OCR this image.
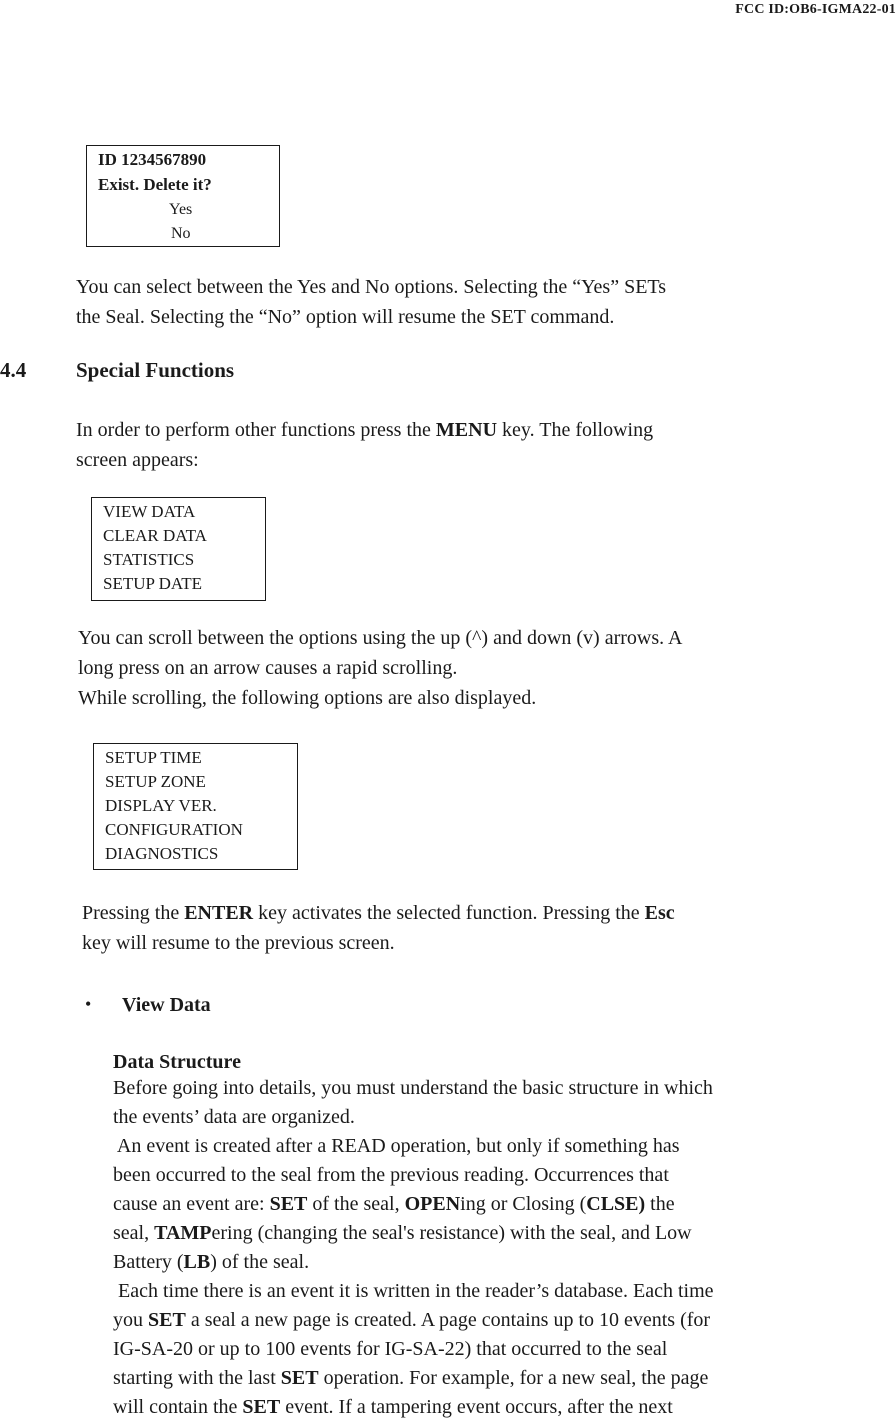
FCC ID:OB6-IGMA22-01
ID 1234567890
Exist. Delete it?
Yes
No
You can select between the Yes and No options. Selecting the “Yes” SETs
the Seal. Selecting the “No” option will resume the SET command.
4.4 Special Functions
In order to perform other functions press the MENU key. The following
screen appears:
VIEW DATA
CLEAR DATA
STATISTICS
SETUP DATE
You can scroll between the options using the up (^) and down (v) arrows. A
long press on an arrow causes a rapid scrolling.
While scrolling, the following options are also displayed.
SETUP TIME
SETUP ZONE
DISPLAY VER.
CONFIGURATION
DIAGNOSTICS
Pressing the ENTER key activates the selected function. Pressing the Esc
key will resume to the previous screen.
• View Data
Data Structure
Before going into details, you must understand the basic structure in which
the events’ data are organized.
An event is created after a READ operation, but only if something has
been occurred to the seal from the previous reading. Occurrences that
cause an event are: SET of the seal, OPENing or Closing (CLSE) the
seal, TAMPering (changing the seal's resistance) with the seal, and Low
Battery (LB) of the seal.
Each time there is an event it is written in the reader’s database. Each time
you SET a seal a new page is created. A page contains up to 10 events (for
IG-SA-20 or up to 100 events for IG-SA-22) that occurred to the seal
starting with the last SET operation. For example, for a new seal, the page
will contain the SET event. If a tampering event occurs, after the next
